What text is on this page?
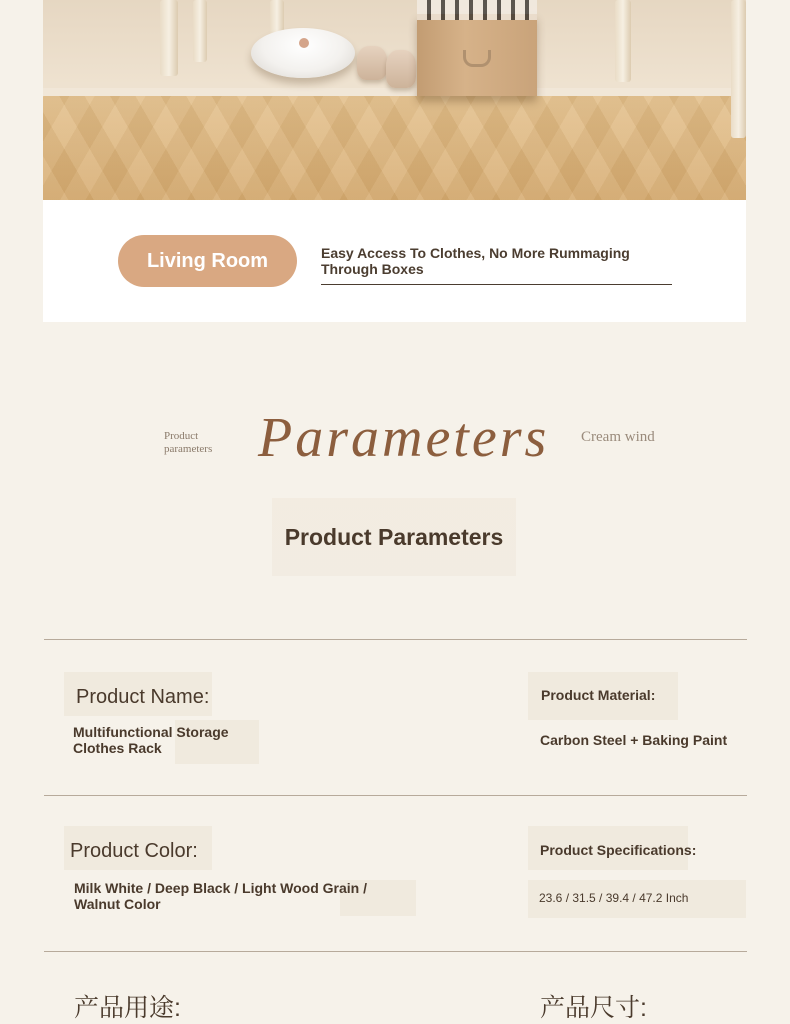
Living Room	Easy Access To Clothes, No More Rummaging Through Boxes
Product parameters Parameters	Cream wind
Product Parameters
Product Name:
Multifunctional Storage Clothes Rack
Product Material:
Carbon Steel + Baking Paint
Product Color:
Milk White / Deep Black / Light Wood Grain / Walnut Color
Product Specifications:
23.6 / 31.5 / 39.4 / 47.2 Inch
产品用途:	产品尺寸:
